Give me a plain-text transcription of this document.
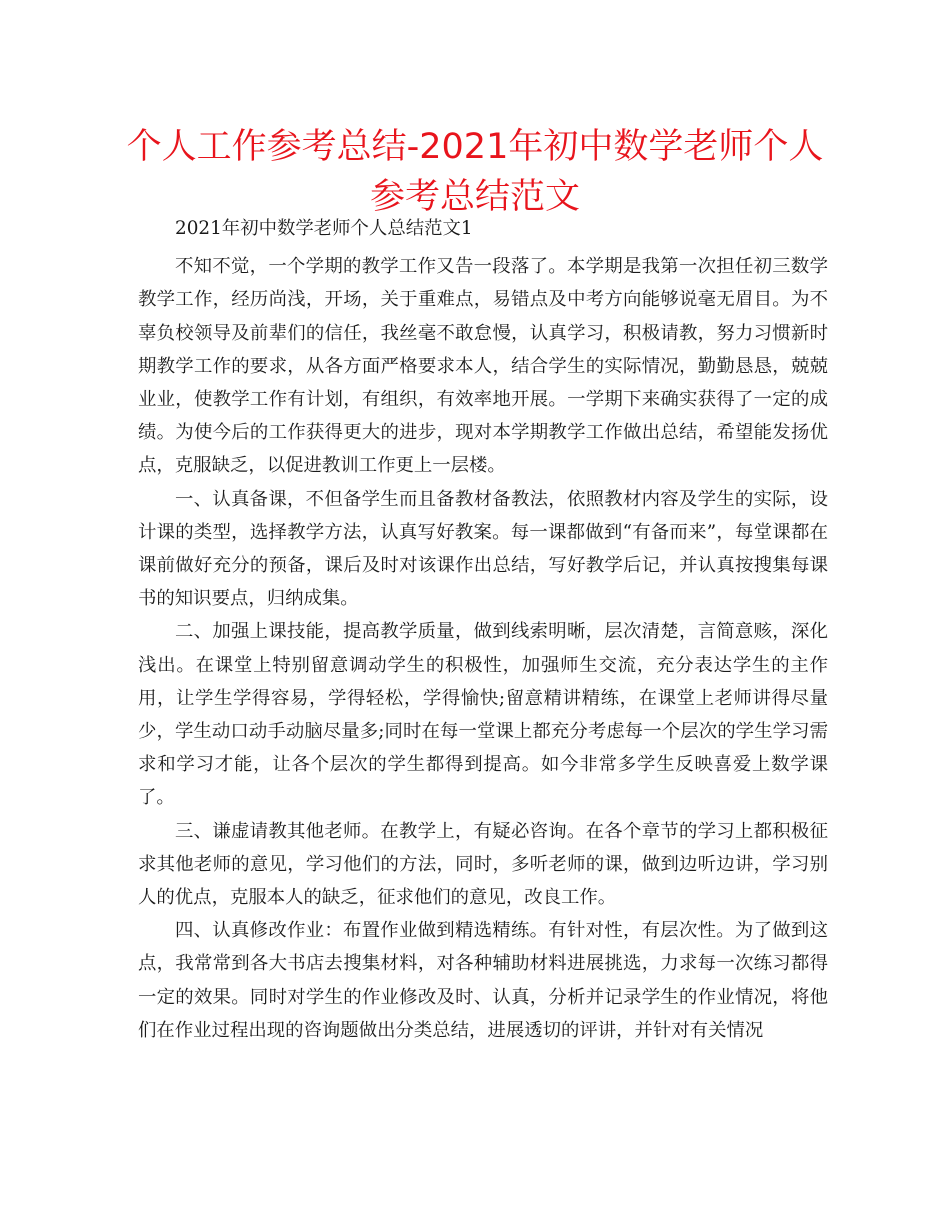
个人工作参考总结-2021年初中数学老师个人参考总结范文

2021年初中数学老师个人总结范文1

不知不觉，一个学期的教学工作又告一段落了。本学期是我第一次担任初三数学教学工作，经历尚浅，开场，关于重难点，易错点及中考方向能够说毫无眉目。为不辜负校领导及前辈们的信任，我丝毫不敢怠慢，认真学习，积极请教，努力习惯新时期教学工作的要求，从各方面严格要求本人，结合学生的实际情况，勤勤恳恳，兢兢业业，使教学工作有计划，有组织，有效率地开展。一学期下来确实获得了一定的成绩。为使今后的工作获得更大的进步，现对本学期教学工作做出总结，希望能发扬优点，克服缺乏，以促进教训工作更上一层楼。

一、认真备课，不但备学生而且备教材备教法，依照教材内容及学生的实际，设计课的类型，选择教学方法，认真写好教案。每一课都做到“有备而来”，每堂课都在课前做好充分的预备，课后及时对该课作出总结，写好教学后记，并认真按搜集每课书的知识要点，归纳成集。

二、加强上课技能，提高教学质量，做到线索明晰，层次清楚，言简意赅，深化浅出。在课堂上特别留意调动学生的积极性，加强师生交流，充分表达学生的主作用，让学生学得容易，学得轻松，学得愉快;留意精讲精练，在课堂上老师讲得尽量少，学生动口动手动脑尽量多;同时在每一堂课上都充分考虑每一个层次的学生学习需求和学习才能，让各个层次的学生都得到提高。如今非常多学生反映喜爱上数学课了。

三、谦虚请教其他老师。在教学上，有疑必咨询。在各个章节的学习上都积极征求其他老师的意见，学习他们的方法，同时，多听老师的课，做到边听边讲，学习别人的优点，克服本人的缺乏，征求他们的意见，改良工作。

四、认真修改作业：布置作业做到精选精练。有针对性，有层次性。为了做到这点，我常常到各大书店去搜集材料，对各种辅助材料进展挑选，力求每一次练习都得一定的效果。同时对学生的作业修改及时、认真，分析并记录学生的作业情况，将他们在作业过程出现的咨询题做出分类总结，进展透切的评讲，并针对有关情况
